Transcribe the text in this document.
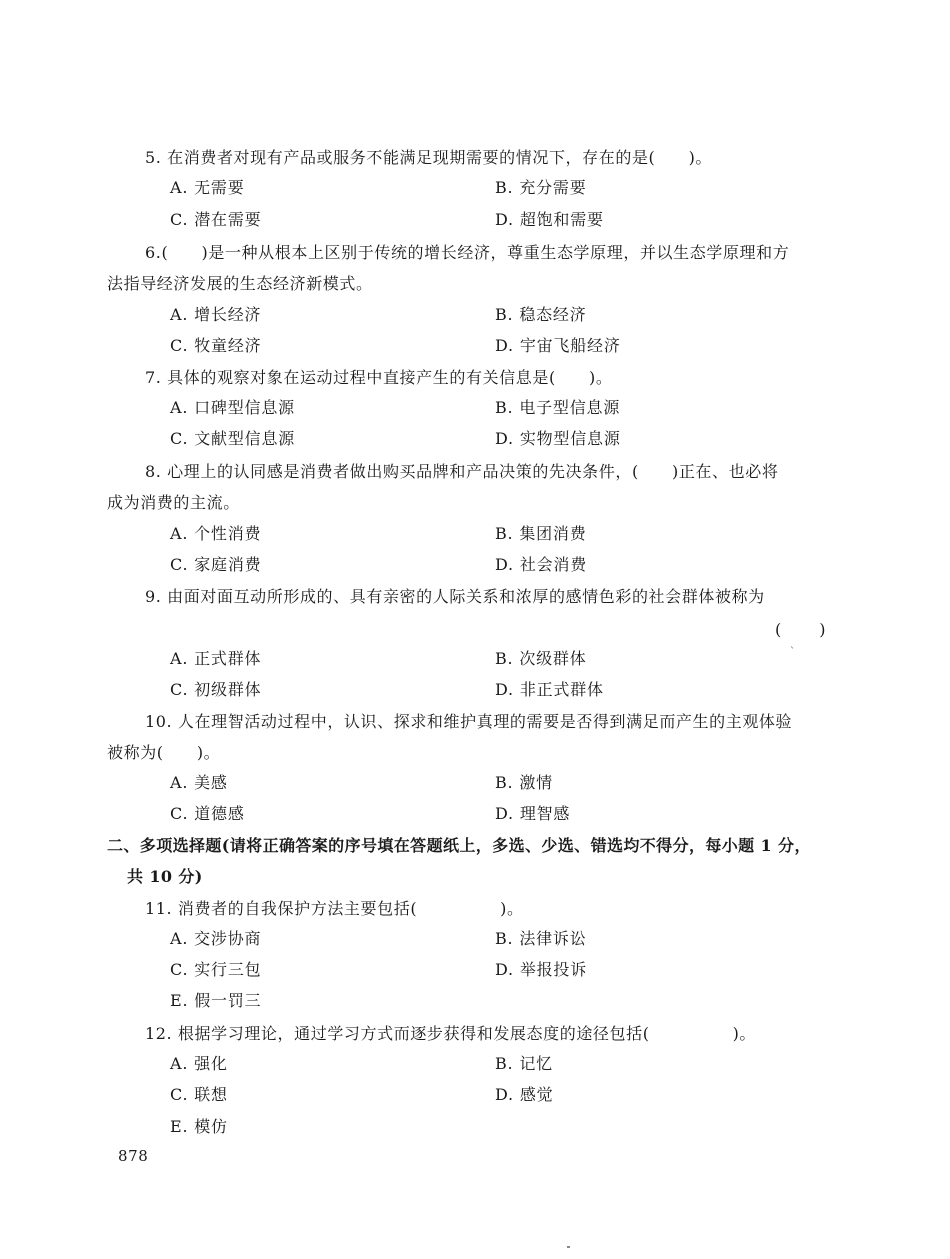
5. 在消费者对现有产品或服务不能满足现期需要的情况下，存在的是(　　)。
A. 无需要	B. 充分需要
C. 潜在需要	D. 超饱和需要
6.(　　)是一种从根本上区别于传统的增长经济，尊重生态学原理，并以生态学原理和方
法指导经济发展的生态经济新模式。
A. 增长经济	B. 稳态经济
C. 牧童经济	D. 宇宙飞船经济
7. 具体的观察对象在运动过程中直接产生的有关信息是(　　)。
A. 口碑型信息源	B. 电子型信息源
C. 文献型信息源	D. 实物型信息源
8. 心理上的认同感是消费者做出购买品牌和产品决策的先决条件，(　　)正在、也必将
成为消费的主流。
A. 个性消费	B. 集团消费
C. 家庭消费	D. 社会消费
9. 由面对面互动所形成的、具有亲密的人际关系和浓厚的感情色彩的社会群体被称为
(　　)
`
A. 正式群体	B. 次级群体
C. 初级群体	D. 非正式群体
10. 人在理智活动过程中，认识、探求和维护真理的需要是否得到满足而产生的主观体验
被称为(　　)。
A. 美感	B. 激情
C. 道德感	D. 理智感
二、多项选择题(请将正确答案的序号填在答题纸上，多选、少选、错选均不得分，每小题 1 分，
共 10 分)
11. 消费者的自我保护方法主要包括(　　　　　)。
A. 交涉协商	B. 法律诉讼
C. 实行三包	D. 举报投诉
E. 假一罚三
12. 根据学习理论，通过学习方式而逐步获得和发展态度的途径包括(　　　　　)。
A. 强化	B. 记忆
C. 联想	D. 感觉
E. 模仿
878
